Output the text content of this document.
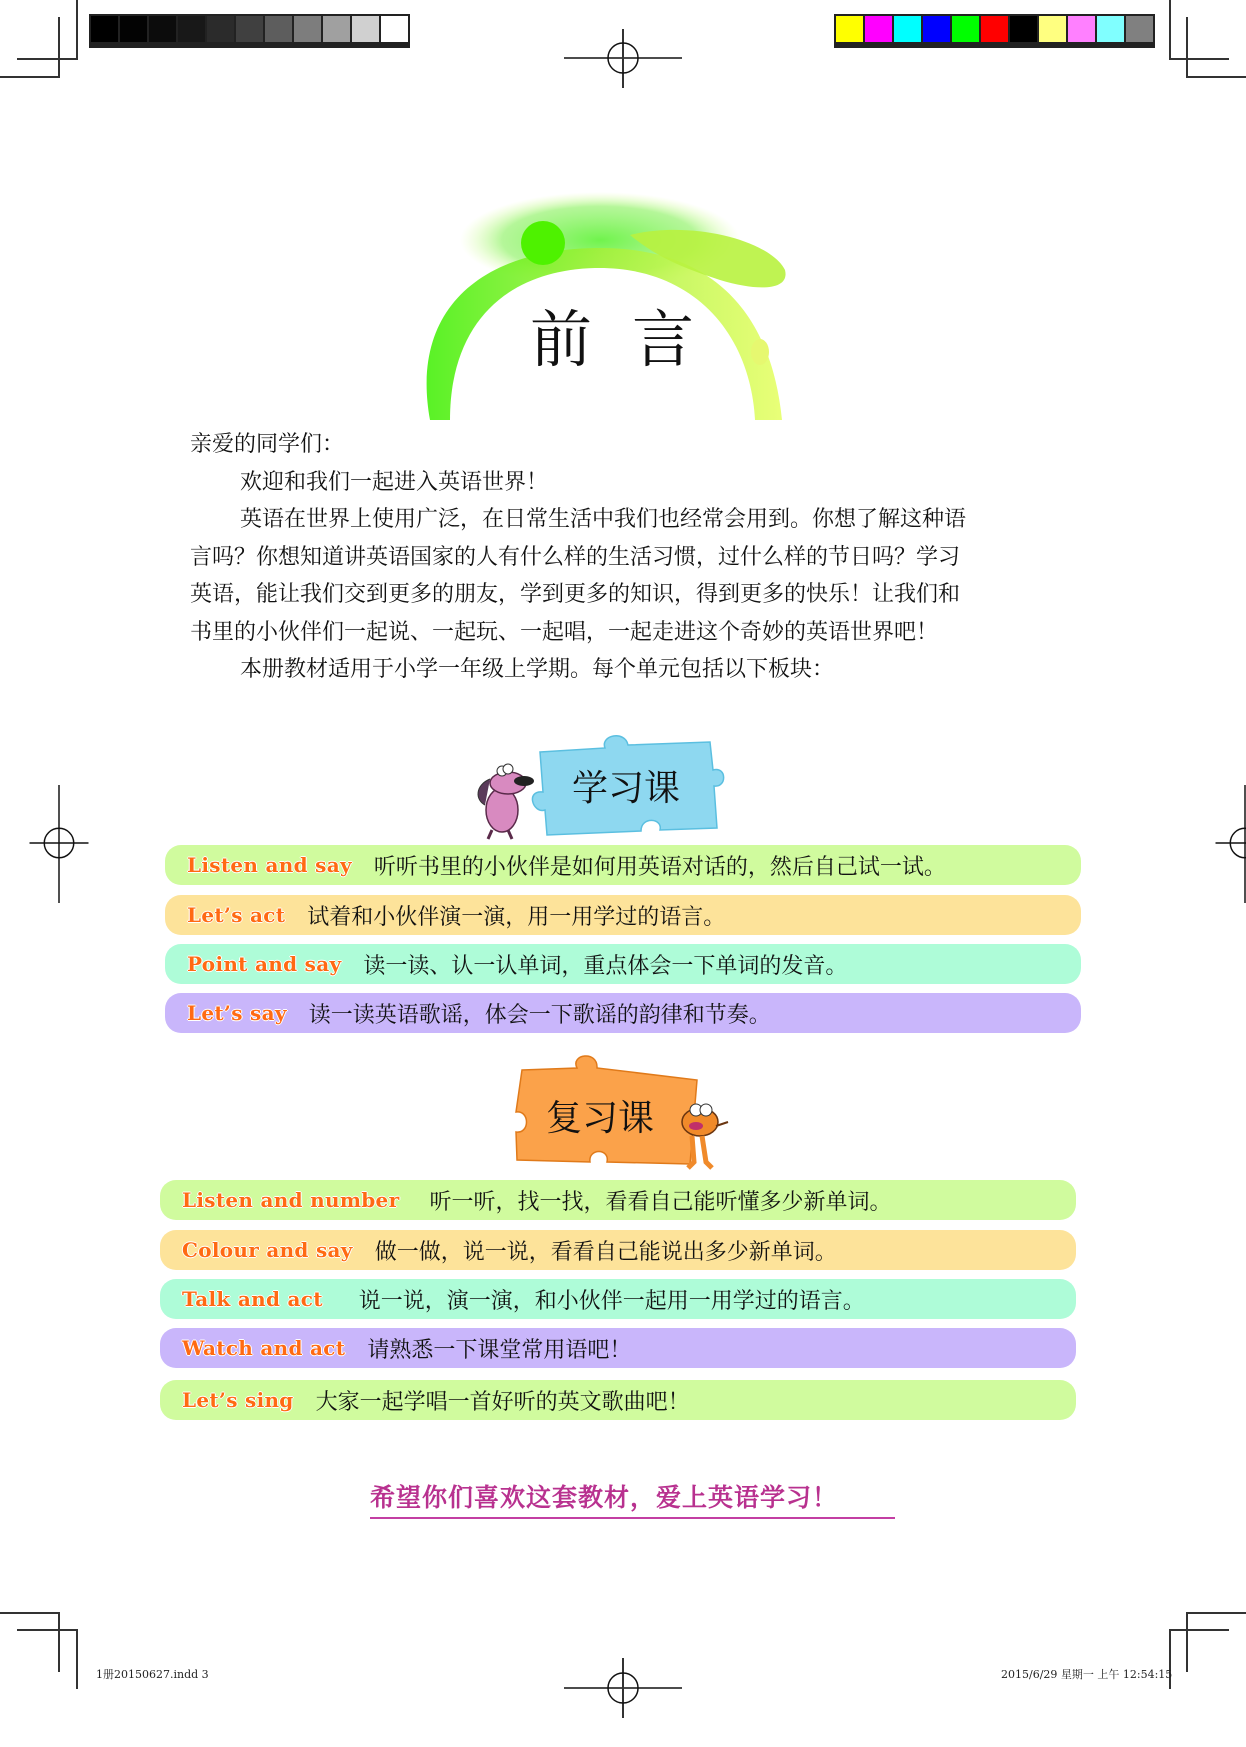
前言

亲爱的同学们：

欢迎和我们一起进入英语世界！

英语在世界上使用广泛，在日常生活中我们也经常会用到。你想了解这种语

言吗？你想知道讲英语国家的人有什么样的生活习惯，过什么样的节日吗？学习

英语，能让我们交到更多的朋友，学到更多的知识，得到更多的快乐！让我们和

书里的小伙伴们一起说、一起玩、一起唱，一起走进这个奇妙的英语世界吧！

本册教材适用于小学一年级上学期。每个单元包括以下板块：

学习课
Listen and say 听听书里的小伙伴是如何用英语对话的，然后自己试一试。
Let’s act 试着和小伙伴演一演，用一用学过的语言。
Point and say 读一读、认一认单词，重点体会一下单词的发音。
Let’s say 读一读英语歌谣，体会一下歌谣的韵律和节奏。
复习课
Listen and number 听一听，找一找，看看自己能听懂多少新单词。
Colour and say 做一做，说一说，看看自己能说出多少新单词。
Talk and act 说一说，演一演，和小伙伴一起用一用学过的语言。
Watch and act 请熟悉一下课堂常用语吧！
Let’s sing 大家一起学唱一首好听的英文歌曲吧！
希望你们喜欢这套教材，爱上英语学习！
1册20150627.indd 3	2015/6/29 星期一 上午 12:54:15
